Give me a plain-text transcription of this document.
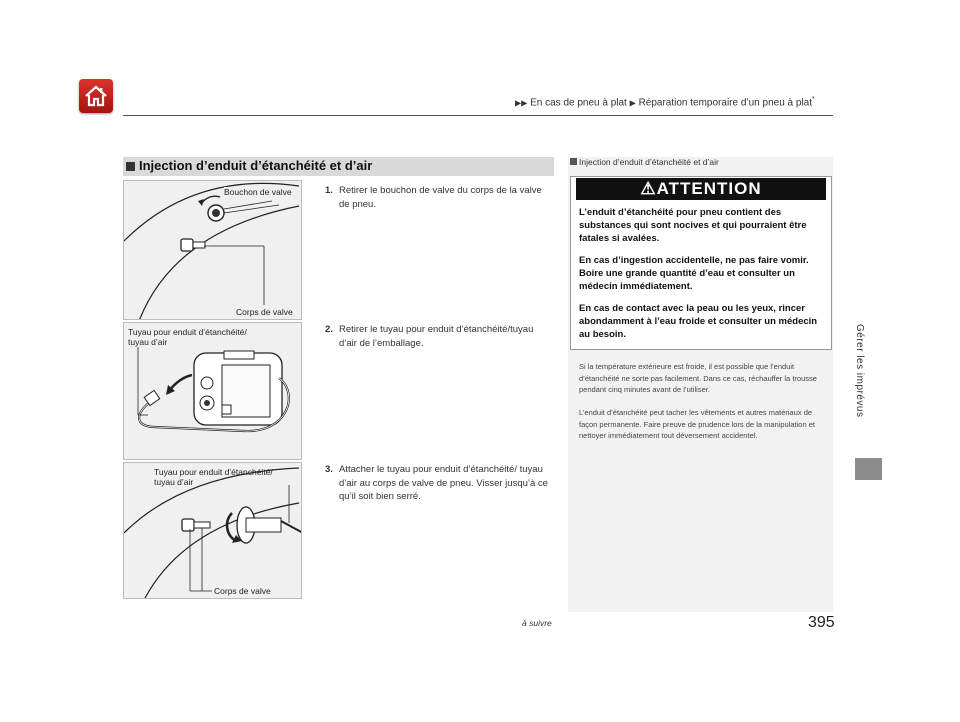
▶▶ En cas de pneu à plat ▶ Réparation temporaire d’un pneu à plat*
Gérer les imprévus
Injection d’enduit d’étanchéité et d’air
Bouchon de valve
Corps de valve
Tuyau pour enduit d’étanchéité/
tuyau d’air
Tuyau pour enduit d’étanchéité/
tuyau d’air
Corps de valve
1. Retirer le bouchon de valve du corps de la valve de pneu.
2. Retirer le tuyau pour enduit d’étanchéité/tuyau d’air de l’emballage.
3. Attacher le tuyau pour enduit d’étanchéité/ tuyau d’air au corps de valve de pneu. Visser jusqu’à ce qu’il soit bien serré.
Injection d’enduit d’étanchéité et d’air
⚠ATTENTION

L’enduit d’étanchéité pour pneu contient des substances qui sont nocives et qui pourraient être fatales si avalées.

En cas d’ingestion accidentelle, ne pas faire vomir. Boire une grande quantité d’eau et consulter un médecin immédiatement.

En cas de contact avec la peau ou les yeux, rincer abondamment à l’eau froide et consulter un médecin au besoin.

Si la température extérieure est froide, il est possible que l’enduit d’étanchéité ne sorte pas facilement. Dans ce cas, réchauffer la trousse pendant cinq minutes avant de l’utiliser.

L’enduit d’étanchéité peut tacher les vêtements et autres matériaux de façon permanente. Faire preuve de prudence lors de la manipulation et nettoyer immédiatement tout déversement accidentel.

à suivre	395
